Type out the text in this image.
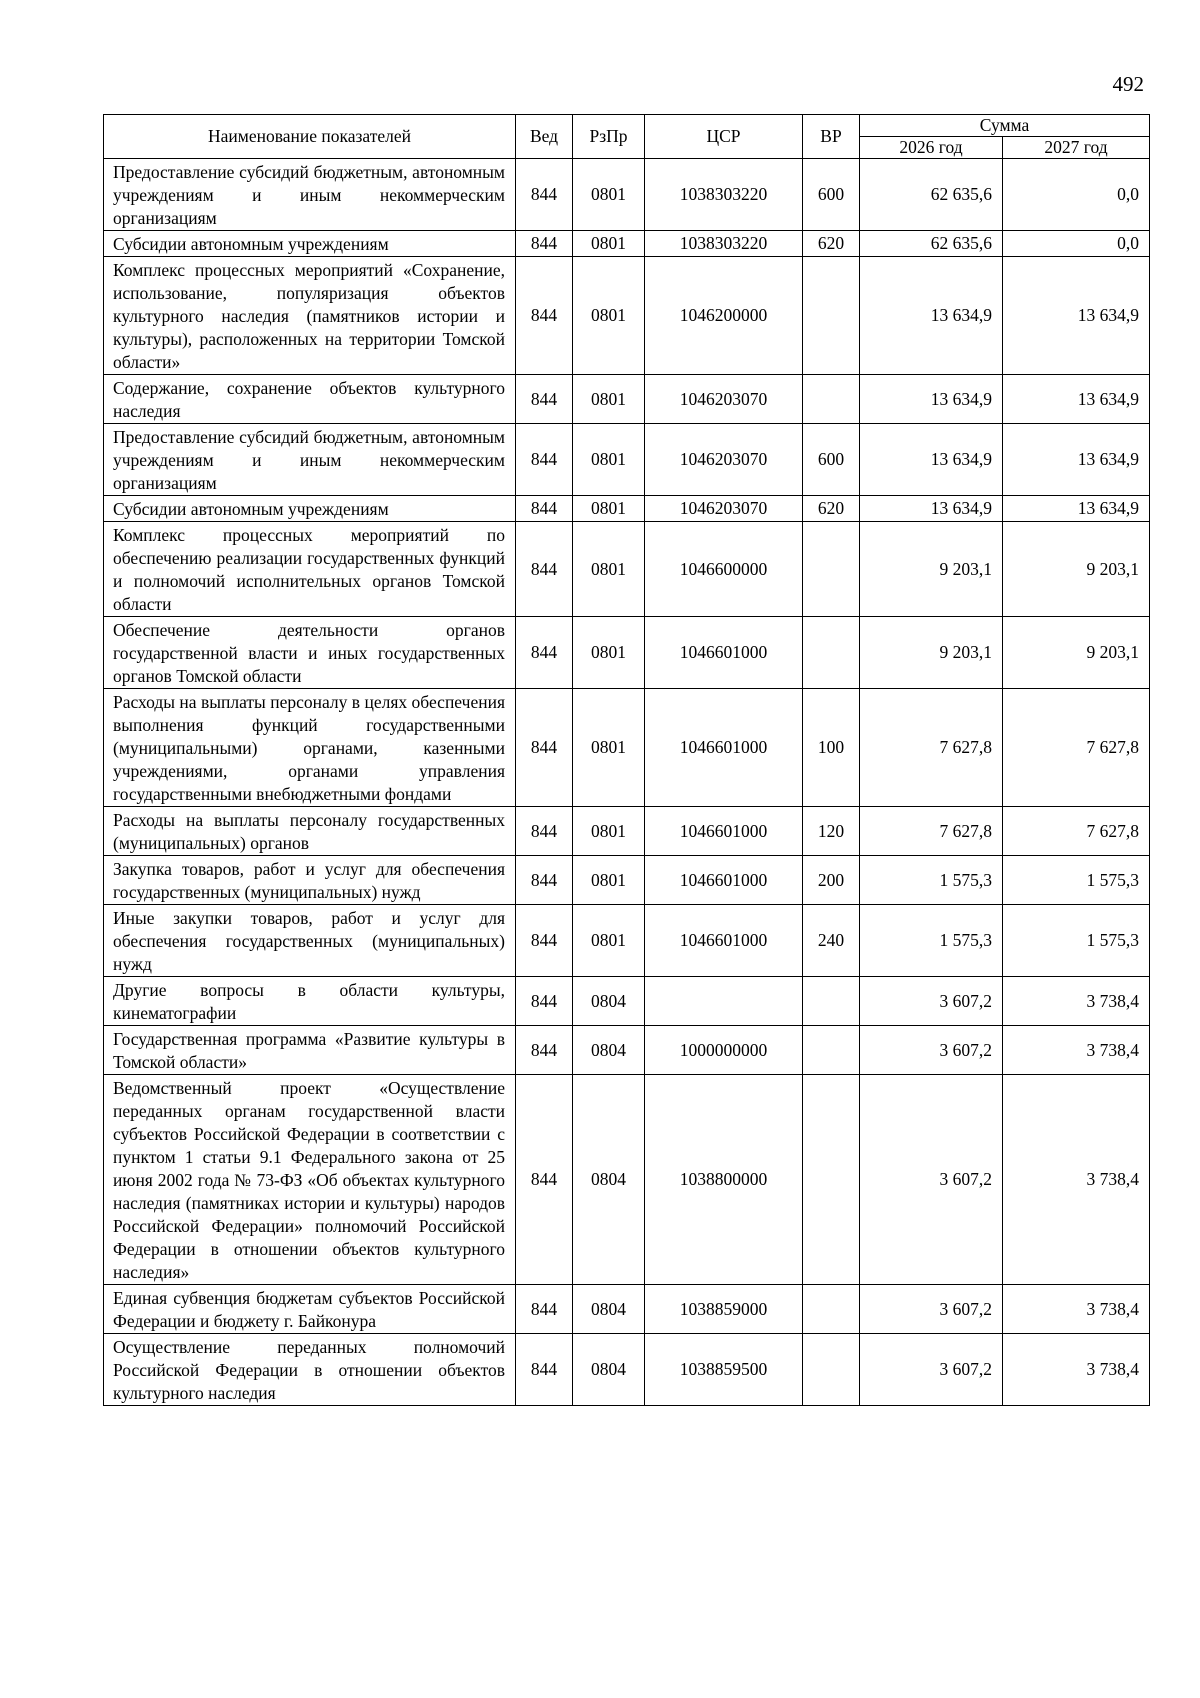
492
Наименование показателей	Вед	РзПр	ЦСР	ВР	Сумма	
					2026 год	2027 год
Предоставление субсидий бюджетным, автономным учреждениям и иным некоммерческим организациям	844	0801	1038303220	600	62 635,6	0,0
Субсидии автономным учреждениям	844	0801	1038303220	620	62 635,6	0,0
Комплекс процессных мероприятий «Сохранение, использование, популяризация объектов культурного наследия (памятников истории и культуры), расположенных на территории Томской области»	844	0801	1046200000		13 634,9	13 634,9
Содержание, сохранение объектов культурного наследия	844	0801	1046203070		13 634,9	13 634,9
Предоставление субсидий бюджетным, автономным учреждениям и иным некоммерческим организациям	844	0801	1046203070	600	13 634,9	13 634,9
Субсидии автономным учреждениям	844	0801	1046203070	620	13 634,9	13 634,9
Комплекс процессных мероприятий по обеспечению реализации государственных функций и полномочий исполнительных органов Томской области	844	0801	1046600000		9 203,1	9 203,1
Обеспечение деятельности органов государственной власти и иных государственных органов Томской области	844	0801	1046601000		9 203,1	9 203,1
Расходы на выплаты персоналу в целях обеспечения выполнения функций государственными (муниципальными) органами, казенными учреждениями, органами управления государственными внебюджетными фондами	844	0801	1046601000	100	7 627,8	7 627,8
Расходы на выплаты персоналу государственных (муниципальных) органов	844	0801	1046601000	120	7 627,8	7 627,8
Закупка товаров, работ и услуг для обеспечения государственных (муниципальных) нужд	844	0801	1046601000	200	1 575,3	1 575,3
Иные закупки товаров, работ и услуг для обеспечения государственных (муниципальных) нужд	844	0801	1046601000	240	1 575,3	1 575,3
Другие вопросы в области культуры, кинематографии	844	0804			3 607,2	3 738,4
Государственная программа «Развитие культуры в Томской области»	844	0804	1000000000		3 607,2	3 738,4
Ведомственный проект «Осуществление переданных органам государственной власти субъектов Российской Федерации в соответствии с пунктом 1 статьи 9.1 Федерального закона от 25 июня 2002 года № 73-ФЗ «Об объектах культурного наследия (памятниках истории и культуры) народов Российской Федерации» полномочий Российской Федерации в отношении объектов культурного наследия»	844	0804	1038800000		3 607,2	3 738,4
Единая субвенция бюджетам субъектов Российской Федерации и бюджету г. Байконура	844	0804	1038859000		3 607,2	3 738,4
Осуществление переданных полномочий Российской Федерации в отношении объектов культурного наследия	844	0804	1038859500		3 607,2	3 738,4
